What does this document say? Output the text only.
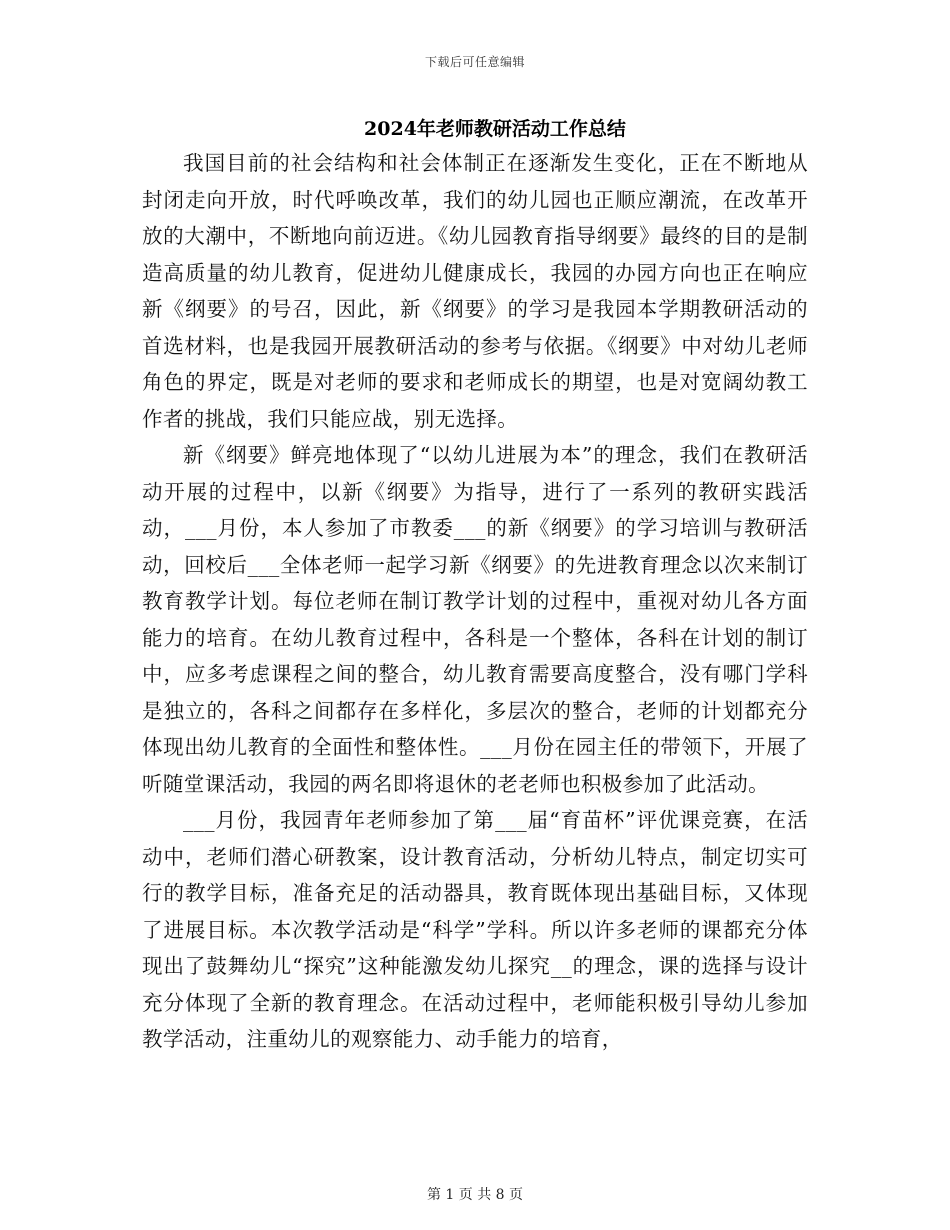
下载后可任意编辑
2024年老师教研活动工作总结

我国目前的社会结构和社会体制正在逐渐发生变化，正在不断地从封闭走向开放，时代呼唤改革，我们的幼儿园也正顺应潮流，在改革开放的大潮中，不断地向前迈进。《幼儿园教育指导纲要》最终的目的是制造高质量的幼儿教育，促进幼儿健康成长，我园的办园方向也正在响应新《纲要》的号召，因此，新《纲要》的学习是我园本学期教研活动的首选材料，也是我园开展教研活动的参考与依据。《纲要》中对幼儿老师角色的界定，既是对老师的要求和老师成长的期望，也是对宽阔幼教工作者的挑战，我们只能应战，别无选择。

新《纲要》鲜亮地体现了“以幼儿进展为本”的理念，我们在教研活动开展的过程中，以新《纲要》为指导，进行了一系列的教研实践活动，___月份，本人参加了市教委___的新《纲要》的学习培训与教研活动，回校后___全体老师一起学习新《纲要》的先进教育理念以次来制订教育教学计划。每位老师在制订教学计划的过程中，重视对幼儿各方面能力的培育。在幼儿教育过程中，各科是一个整体，各科在计划的制订中，应多考虑课程之间的整合，幼儿教育需要高度整合，没有哪门学科是独立的，各科之间都存在多样化，多层次的整合，老师的计划都充分体现出幼儿教育的全面性和整体性。___月份在园主任的带领下，开展了听随堂课活动，我园的两名即将退休的老老师也积极参加了此活动。

___月份，我园青年老师参加了第___届“育苗杯”评优课竞赛，在活动中，老师们潜心研教案，设计教育活动，分析幼儿特点，制定切实可行的教学目标，准备充足的活动器具，教育既体现出基础目标，又体现了进展目标。本次教学活动是“科学”学科。所以许多老师的课都充分体现出了鼓舞幼儿“探究”这种能激发幼儿探究__的理念，课的选择与设计充分体现了全新的教育理念。在活动过程中，老师能积极引导幼儿参加教学活动，注重幼儿的观察能力、动手能力的培育，

第 1 页 共 8 页
